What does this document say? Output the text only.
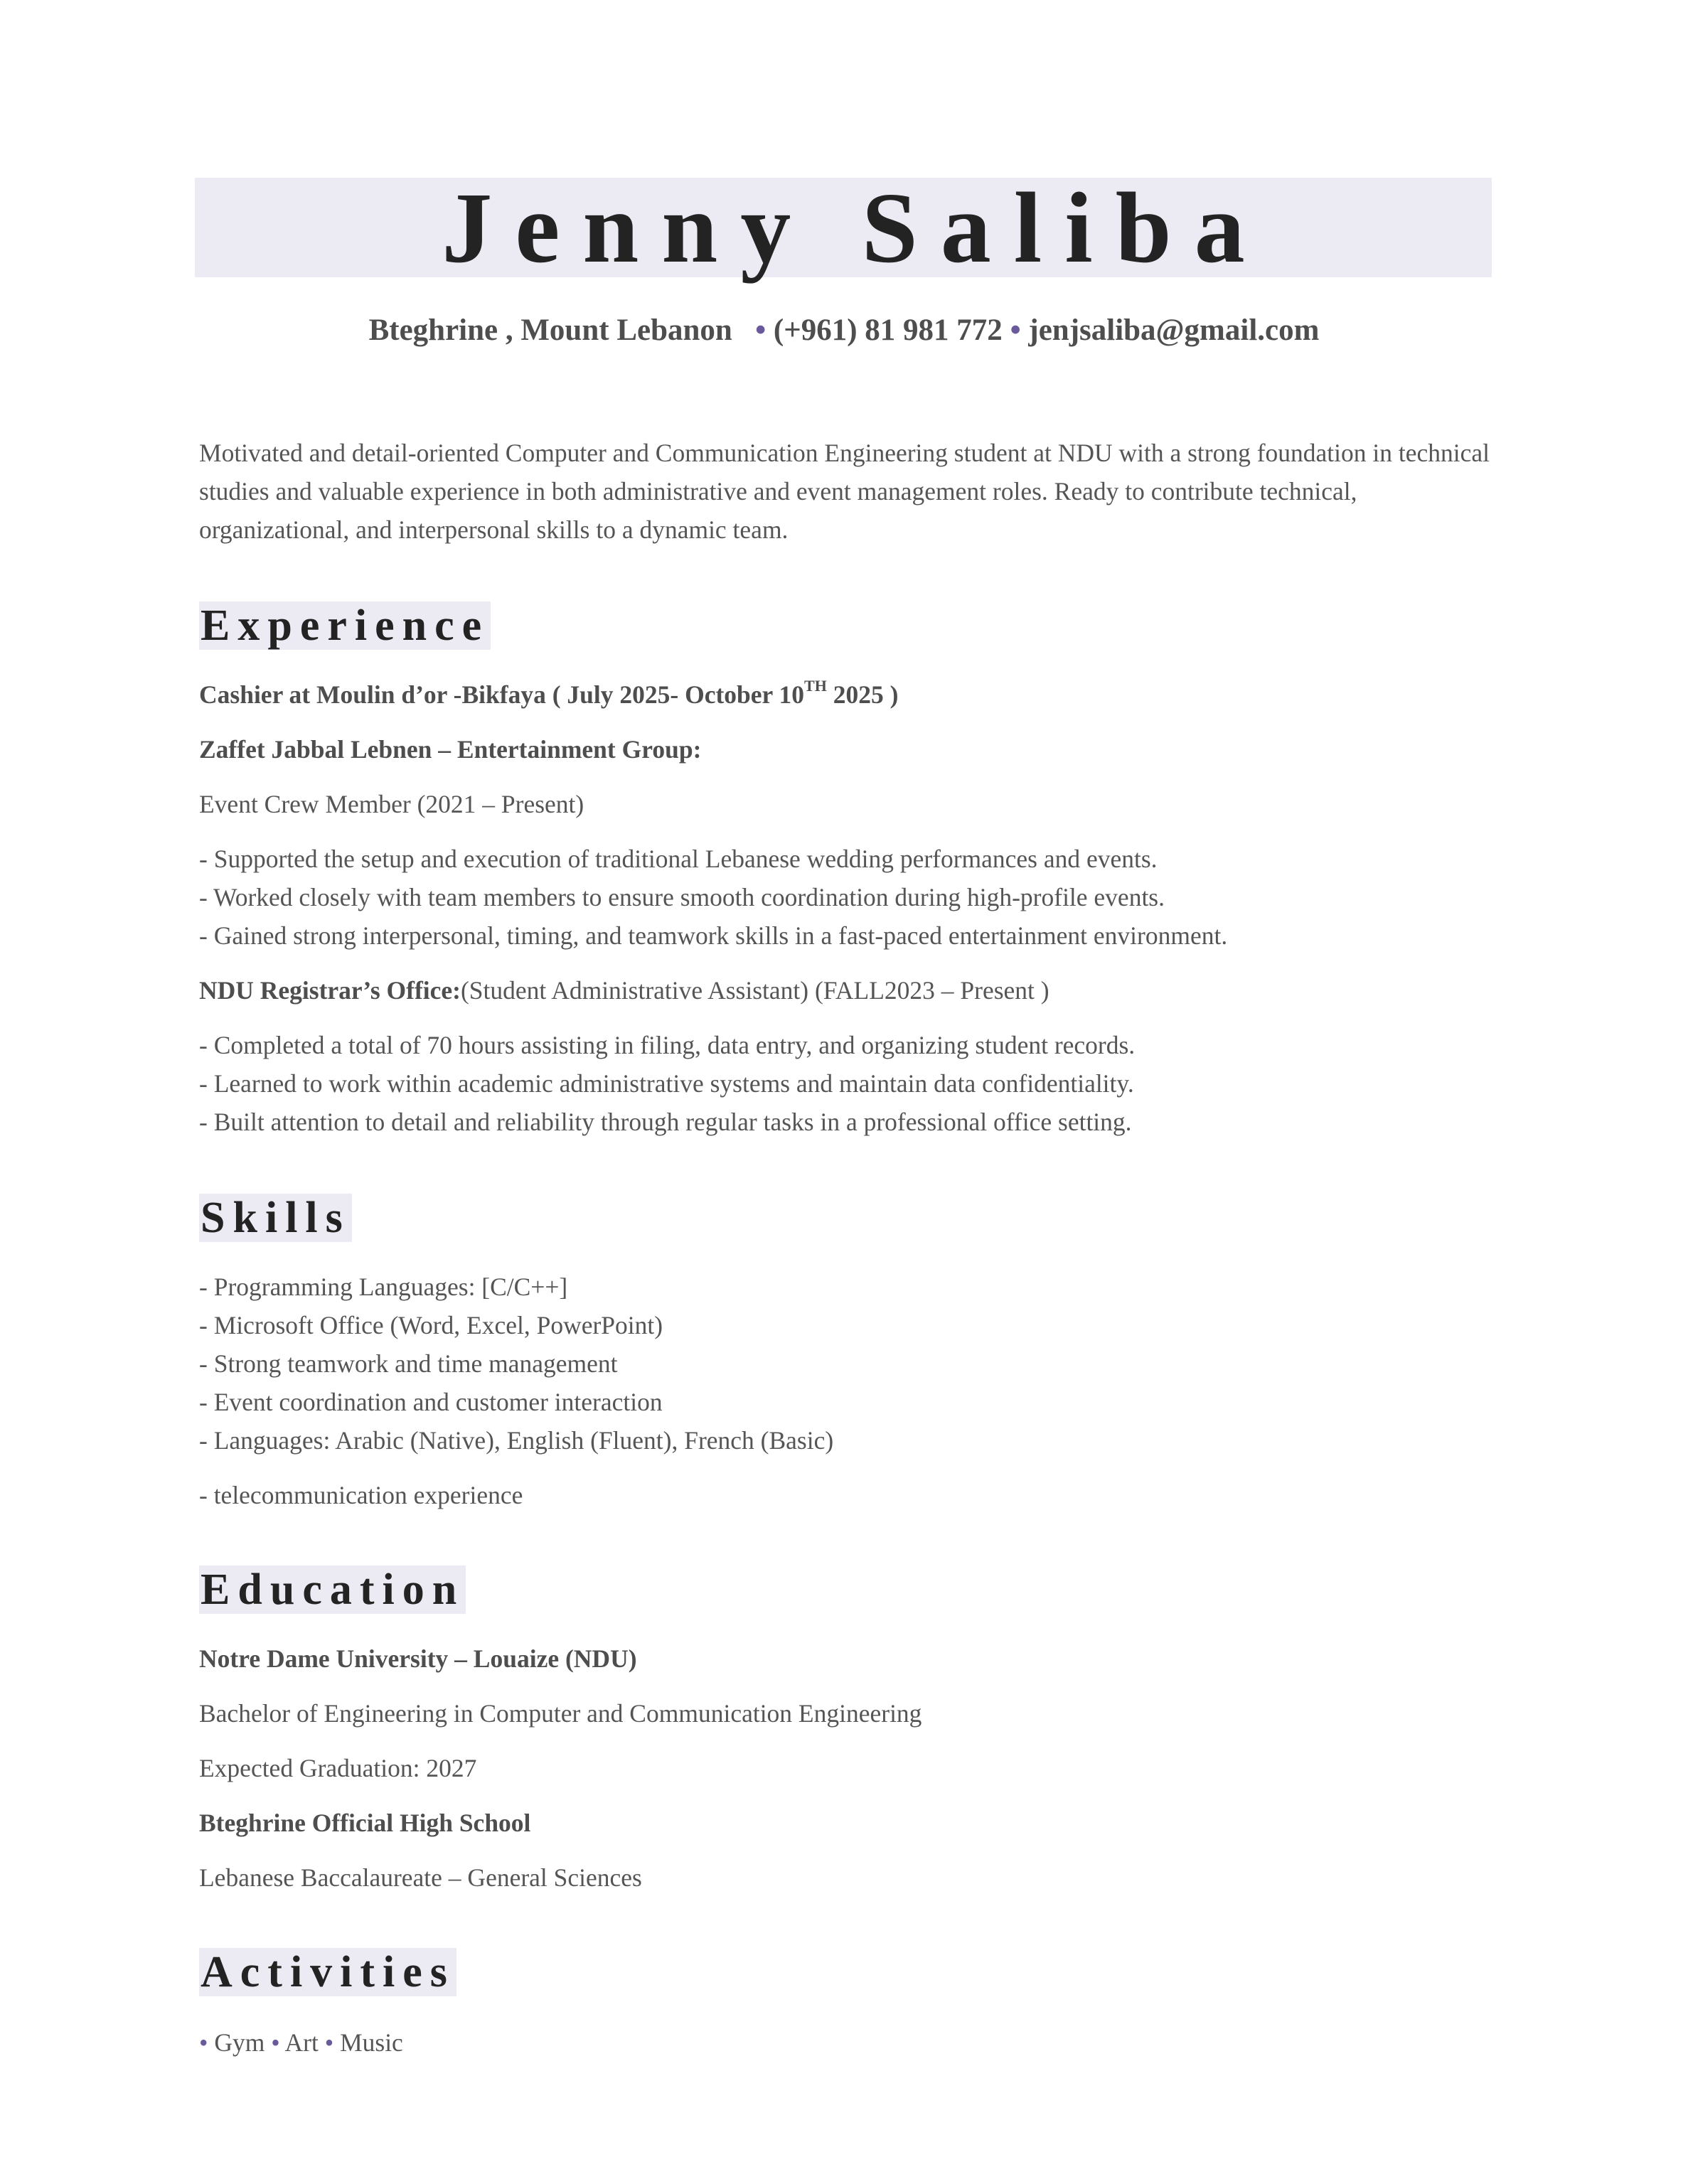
Jenny Saliba
Bteghrine , Mount Lebanon • (+961) 81 981 772 • jenjsaliba@gmail.com
Motivated and detail-oriented Computer and Communication Engineering student at NDU with a strong foundation in technical studies and valuable experience in both administrative and event management roles. Ready to contribute technical, organizational, and interpersonal skills to a dynamic team.
Experience
Cashier at Moulin d’or -Bikfaya ( July 2025- October 10TH 2025 )
Zaffet Jabbal Lebnen – Entertainment Group:
Event Crew Member (2021 – Present)
- Supported the setup and execution of traditional Lebanese wedding performances and events.
- Worked closely with team members to ensure smooth coordination during high-profile events.
- Gained strong interpersonal, timing, and teamwork skills in a fast-paced entertainment environment.
NDU Registrar’s Office:(Student Administrative Assistant) (FALL2023 – Present )
- Completed a total of 70 hours assisting in filing, data entry, and organizing student records.
- Learned to work within academic administrative systems and maintain data confidentiality.
- Built attention to detail and reliability through regular tasks in a professional office setting.
Skills
- Programming Languages: [C/C++]
- Microsoft Office (Word, Excel, PowerPoint)
- Strong teamwork and time management
- Event coordination and customer interaction
- Languages: Arabic (Native), English (Fluent), French (Basic)
- telecommunication experience
Education
Notre Dame University – Louaize (NDU)
Bachelor of Engineering in Computer and Communication Engineering
Expected Graduation: 2027
Bteghrine Official High School
Lebanese Baccalaureate – General Sciences
Activities
• Gym • Art • Music
